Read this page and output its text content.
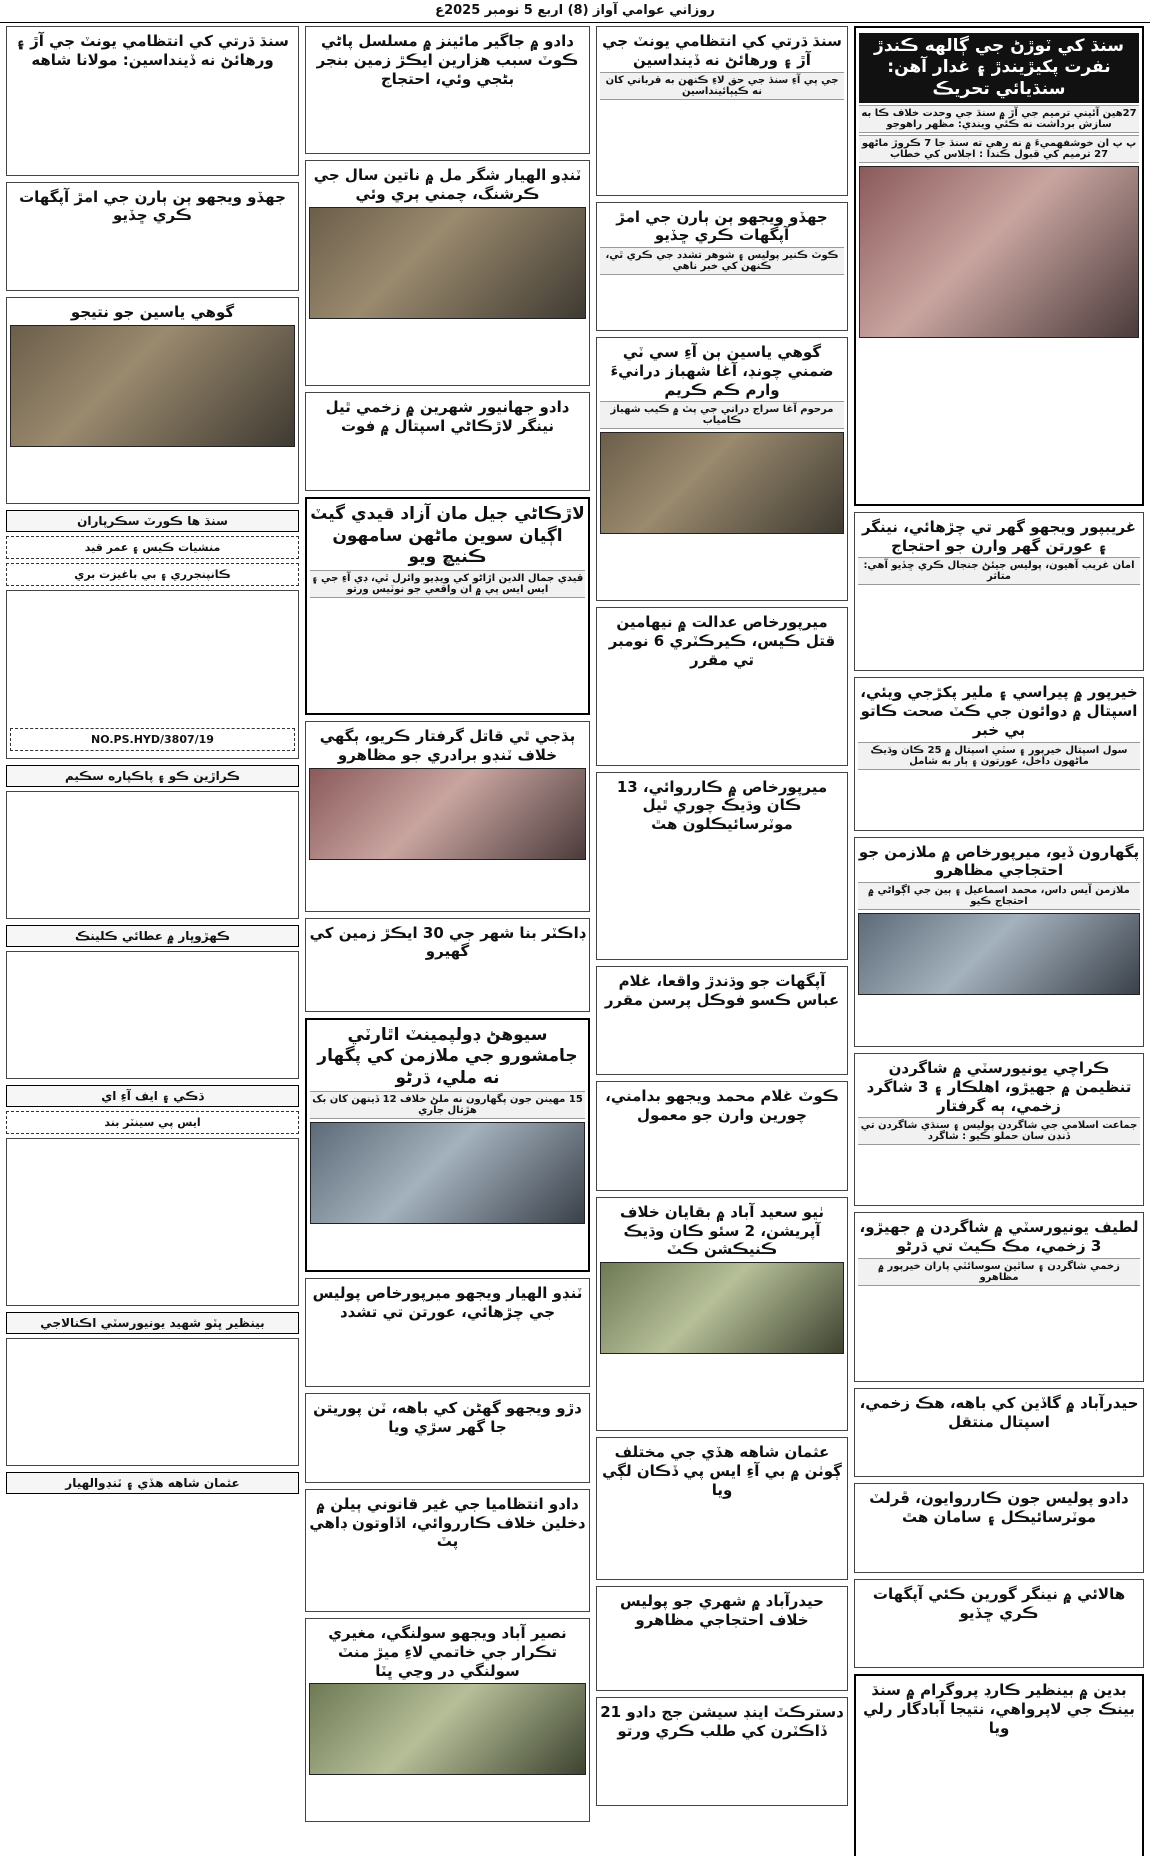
روزاني عوامي آواز (8) اربع 5 نومبر 2025ع
سنڌ کي ٽوڙڻ جي ڳالهه ڪندڙ نفرت پکيڙيندڙ ۽ غدار آهن: سنڌيائي تحريڪ
27هين آئيني ترميم جي آڙ ۾ سنڌ جي وحدت خلاف ڪا به سازش برداشت نه ڪئي ويندي: مظهر راهوجو
پ پ ان خوشفهميءَ ۾ نه رهي ته سنڌ جا 7 ڪروڙ ماڻهو 27 ترميم کي قبول ڪندا : اجلاس کي خطاب
غريبپور ويجهو گهر تي چڙهائي، نينگر ۽ عورتن گهر وارن جو احتجاج
امان غريب آهيون، پوليس جيئڻ جنجال ڪري ڇڏيو آهي: متاثر
خيرپور ۾ پيراسي ۽ ملير پکڙجي ويئي، اسپتال ۾ دوائون جي ڪٽ صحت ڪاتو بي خبر
سول اسپتال خيرپور ۽ سٽي اسپتال ۾ 25 ڪان وڌيڪ ماڻهون داخل، عورتون ۽ ٻار به شامل
پگهارون ڏيو، ميرپورخاص ۾ ملازمن جو احتجاجي مظاهرو
ملازمن آيس داس، محمد اسماعيل ۽ ٻين جي اڳواڻي ۾ احتجاج ڪيو
ڪراچي يونيورسٽي ۾ شاگردن تنظيمن ۾ جهيڙو، اهلڪار ۽ 3 شاگرد زخمي، ٻه گرفتار
جماعت اسلامي جي شاگردن پوليس ۽ سنڌي شاگردن تي ڏنڊن سان حملو ڪيو : شاگرد
لطيف يونيورسٽي ۾ شاگردن ۾ جهيڙو، 3 زخمي، مڪ ڪيٽ تي ڌرڻو
زخمي شاگردن ۽ ساٿين سوسائٽي پاران خيرپور ۾ مظاهرو
حيدرآباد ۾ گاڏين کي باهه، هڪ زخمي، اسپتال منتقل
دادو پوليس جون ڪارروايون، ڦرلٽ موٽرسائيڪل ۽ سامان هٿ
هالائي ۾ نينگر گورين ڪئي آپگهات ڪري ڇڏيو
بدين ۾ بينظير ڪارڊ پروگرام ۾ سنڌ بينڪ جي لاپرواهي، نتيجا آبادگار رلي ويا
سنڌ ڌرتي کي انتظامي يونٽ جي آڙ ۽ ورهائڻ نه ڏينداسين
جي پي آءِ سنڌ جي حق لاءِ ڪنهن به قرباني کان نه ڪيٻائينداسين
جهڏو ويجهو ٻن ٻارن جي امڙ آپگهات ڪري ڇڏيو
ڪوٽ ڪنير پوليس ۽ شوهر تشدد جي ڪري ٿي، ڪنهن کي خبر ناهي
گوهي ياسين ٻن آءِ سي ٽي ضمني چونڊ، آغا شهباز درانيءَ وارم ڪم ڪريم
مرحوم آغا سراج دراني جي پٽ ۾ ڪيب شهباز ڪامياب
ميرپورخاص عدالت ۾ نيهامين قتل ڪيس، ڪيرڪٽري 6 نومبر تي مقرر
ميرپورخاص ۾ ڪارروائي، 13 ڪان وڌيڪ چوري ٿيل موٽرسائيڪلون هٿ
آپگهات جو وڌندڙ واقعا، غلام عباس ڪسو فوڪل پرسن مقرر
ڪوٽ غلام محمد ويجهو بدامني، چورين وارن جو معمول
ٺيو سعيد آباد ۾ بقايان خلاف آپريشن، 2 سئو ڪان وڌيڪ ڪنيڪشن ڪٽ
عثمان شاهه هڏي جي مختلف ڳوٺن ۾ بي آءِ ايس پي ڏڪان لڳي ويا
حيدرآباد ۾ شهري جو پوليس خلاف احتجاجي مظاهرو
دسترڪٽ اينڊ سيشن جج دادو 21 ڏاڪٽرن کي طلب ڪري ورتو
دادو ۾ جاگير مائينز ۾ مسلسل پاڻي ڪوٽ سبب هزارين ايڪڙ زمين بنجر بڻجي وئي، احتجاج
ٽنڊو الهيار شگر مل ۾ ناتين سال جي ڪرشنگ، چمني ٻري وئي
دادو جهانيور شهرين ۾ زخمي ٿيل نينگر لاڙڪاڻي اسپتال ۾ فوت
لاڙڪاڻي جيل مان آزاد قيدي گيٽ اڳيان سوين ماڻهن سامهون ڪنيچ ويو
قيدي جمال الدين اڙاڻو کي ويڊيو وائرل ٿي، ڊي آءِ جي ۽ ايس ايس پي ۾ ان واقعي جو نوٽيس ورتو
ٻڌجي ٿي قاتل گرفتار ڪريو، ٻگهي خلاف ٽنڊو برادري جو مظاهرو
ڊاڪٽر بنا شهر جي 30 ايڪڙ زمين کي گهيرو
سيوهڻ ڊولپمينٽ اٿارٽي جامشورو جي ملازمن کي پگهار نه ملي، ڌرڻو
15 مهينن جون پگهارون نه ملڻ خلاف 12 ڏينهن کان بک هڙتال جاري
ٽنڊو الهيار ويجهو ميرپورخاص پوليس جي چڙهائي، عورتن تي تشدد
دڙو ويجهو گهڻن کي باهه، ٽن پوريتن جا گهر سڙي ويا
دادو انتظاميا جي غير قانوني ٻيلن ۾ دخلين خلاف ڪارروائي، اڏاوتون ڊاهي پٽ
نصير آباد ويجهو سولنگي، مغيري تڪرار جي خاتمي لاءِ ميڙ منٽ سولنگي در وڃي ڀٽا
سنڌ ڌرتي کي انتظامي يونٽ جي آڙ ۽ ورهائڻ نه ڏينداسين: مولانا شاهه
جهڏو ويجهو ٻن ٻارن جي امڙ آپگهات ڪري ڇڏيو
گوهي ياسين جو نتيجو
سنڌ ها ڪورٽ سڪرپاران
منشيات ڪيس ۽ عمر قيد
ڪانپنجرري ۽ بي باغيزت بري
NO.PS.HYD/3807/19
ڪراڙين ڪو ۽ پاڪپاره سڪيم
ڪهڙوڀار ۾ عطائي ڪلينڪ
ڌڪي ۽ ايف آءِ اي
ايس پي سينٽر بند
بينظير ڀٽو شهيد يونيورسٽي اڪنالاجي
عثمان شاهه هڏي ۽ ٽنڊوالهيار
